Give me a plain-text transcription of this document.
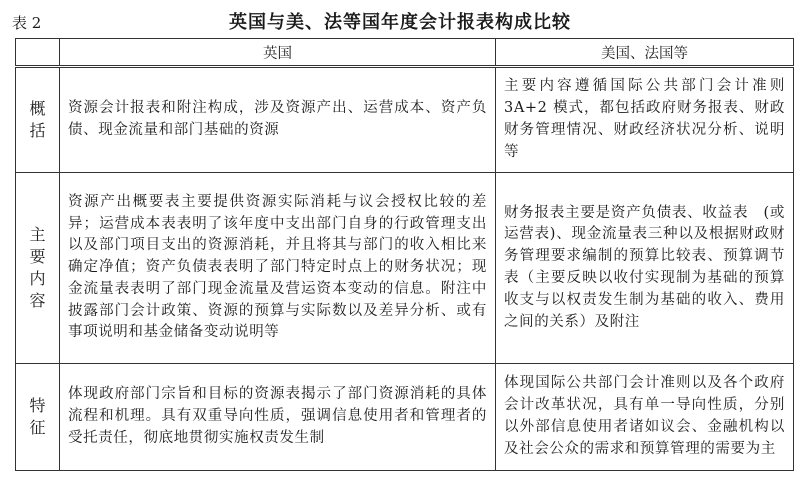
表 2	英国与美、法等国年度会计报表构成比较
	英国	美国、法国等

概
括	资源会计报表和附注构成，涉及资源产出、运营成本、资产负债、现金流量和部门基础的资源	主要内容遵循国际公共部门会计准则 3A+2 模式，都包括政府财务报表、财政财务管理情况、财政经济状况分析、说明等

主
要
内
容	资源产出概要表主要提供资源实际消耗与议会授权比较的差异；运营成本表表明了该年度中支出部门自身的行政管理支出以及部门项目支出的资源消耗，并且将其与部门的收入相比来确定净值；资产负债表表明了部门特定时点上的财务状况；现金流量表表明了部门现金流量及营运资本变动的信息。附注中披露部门会计政策、资源的预算与实际数以及差异分析、或有事项说明和基金储备变动说明等	财务报表主要是资产负债表、收益表　(或运营表)、现金流量表三种以及根据财政财务管理要求编制的预算比较表、预算调节表（主要反映以收付实现制为基础的预算收支与以权责发生制为基础的收入、费用之间的关系）及附注

特
征	体现政府部门宗旨和目标的资源表揭示了部门资源消耗的具体流程和机理。具有双重导向性质，强调信息使用者和管理者的受托责任，彻底地贯彻实施权责发生制	体现国际公共部门会计准则以及各个政府会计改革状况，具有单一导向性质，分别以外部信息使用者诸如议会、金融机构以及社会公众的需求和预算管理的需要为主
